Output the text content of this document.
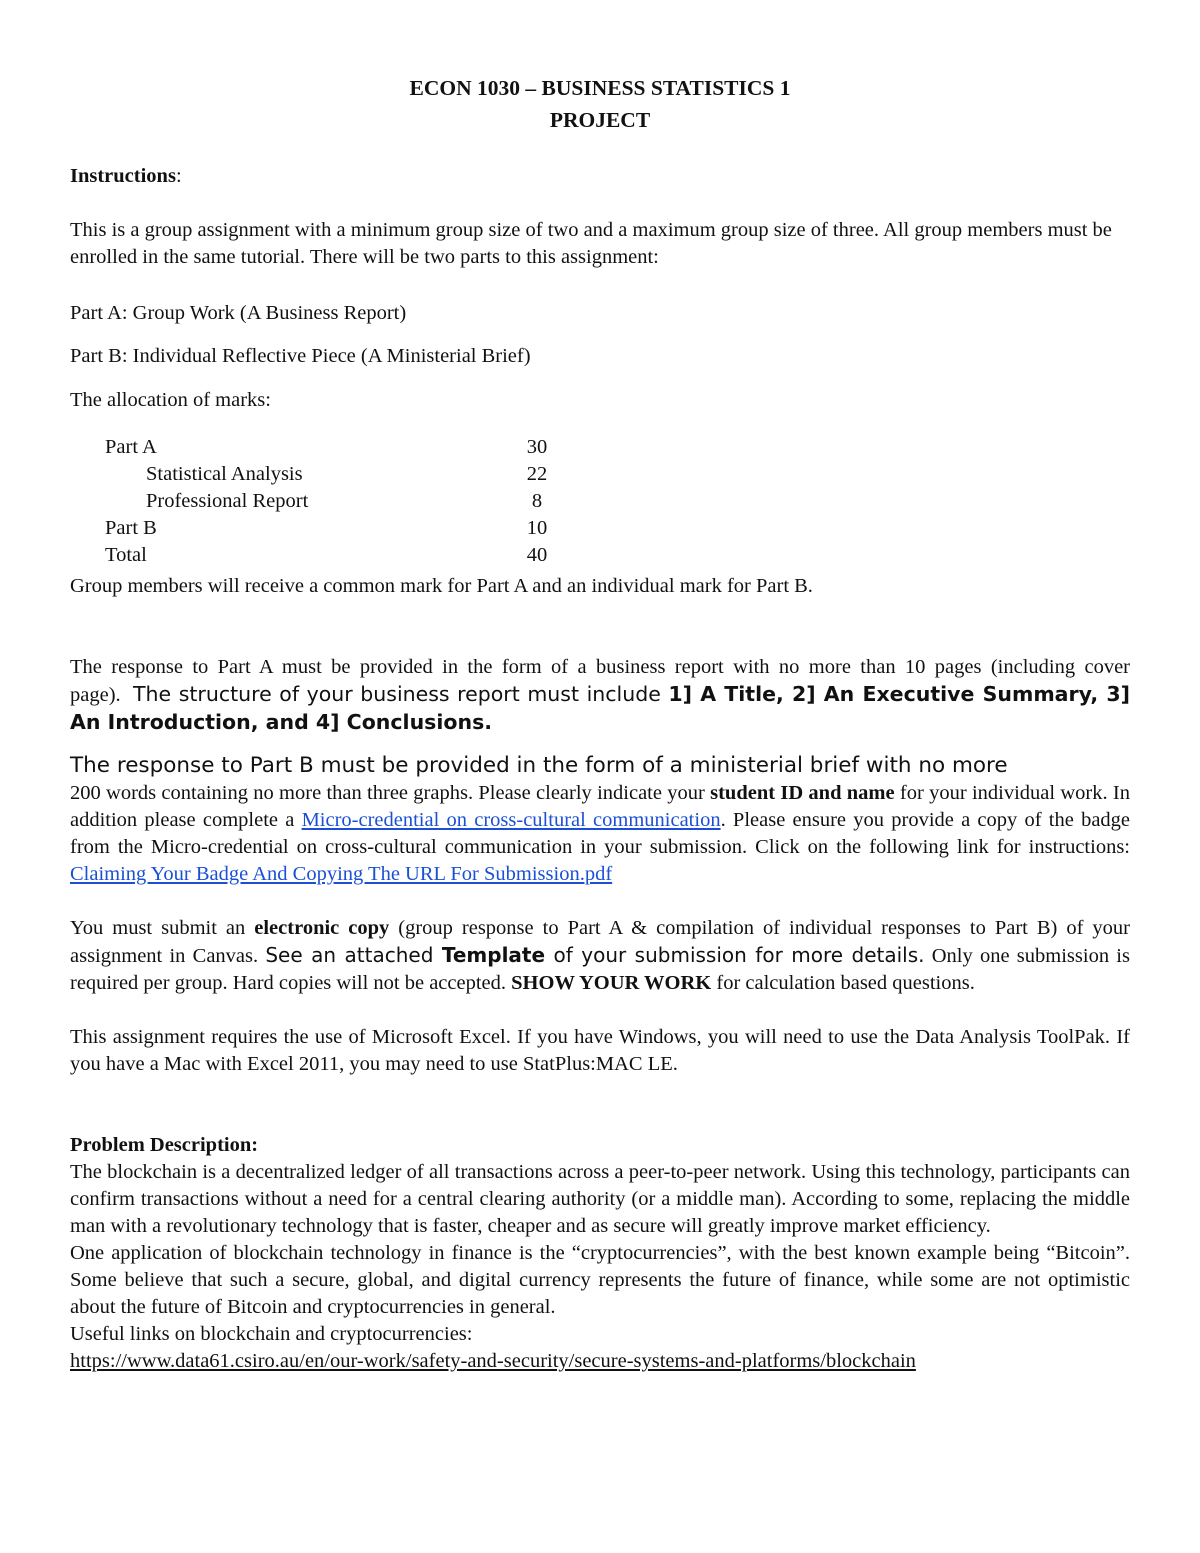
ECON 1030 – BUSINESS STATISTICS 1

PROJECT

Instructions:

This is a group assignment with a minimum group size of two and a maximum group size of three. All group members must be enrolled in the same tutorial. There will be two parts to this assignment:

Part A: Group Work (A Business Report)

Part B: Individual Reflective Piece (A Ministerial Brief)

The allocation of marks:

Part A	30
Statistical Analysis	22
Professional Report	8
Part B	10
Total	40

Group members will receive a common mark for Part A and an individual mark for Part B.

The response to Part A must be provided in the form of a business report with no more than 10 pages (including cover page). The structure of your business report must include 1] A Title, 2] An Executive Summary, 3] An Introduction, and 4] Conclusions.

The response to Part B must be provided in the form of a ministerial brief with no more

200 words containing no more than three graphs. Please clearly indicate your student ID and name for your individual work. In addition please complete a Micro-credential on cross-cultural communication. Please ensure you provide a copy of the badge from the Micro-credential on cross-cultural communication in your submission. Click on the following link for instructions: Claiming Your Badge And Copying The URL For Submission.pdf

You must submit an electronic copy (group response to Part A & compilation of individual responses to Part B) of your assignment in Canvas. See an attached Template of your submission for more details. Only one submission is required per group. Hard copies will not be accepted. SHOW YOUR WORK for calculation based questions.

This assignment requires the use of Microsoft Excel. If you have Windows, you will need to use the Data Analysis ToolPak. If you have a Mac with Excel 2011, you may need to use StatPlus:MAC LE.

Problem Description:

The blockchain is a decentralized ledger of all transactions across a peer-to-peer network. Using this technology, participants can confirm transactions without a need for a central clearing authority (or a middle man). According to some, replacing the middle man with a revolutionary technology that is faster, cheaper and as secure will greatly improve market efficiency.

One application of blockchain technology in finance is the “cryptocurrencies”, with the best known example being “Bitcoin”. Some believe that such a secure, global, and digital currency represents the future of finance, while some are not optimistic about the future of Bitcoin and cryptocurrencies in general.

Useful links on blockchain and cryptocurrencies:

https://www.data61.csiro.au/en/our-work/safety-and-security/secure-systems-and-platforms/blockchain
